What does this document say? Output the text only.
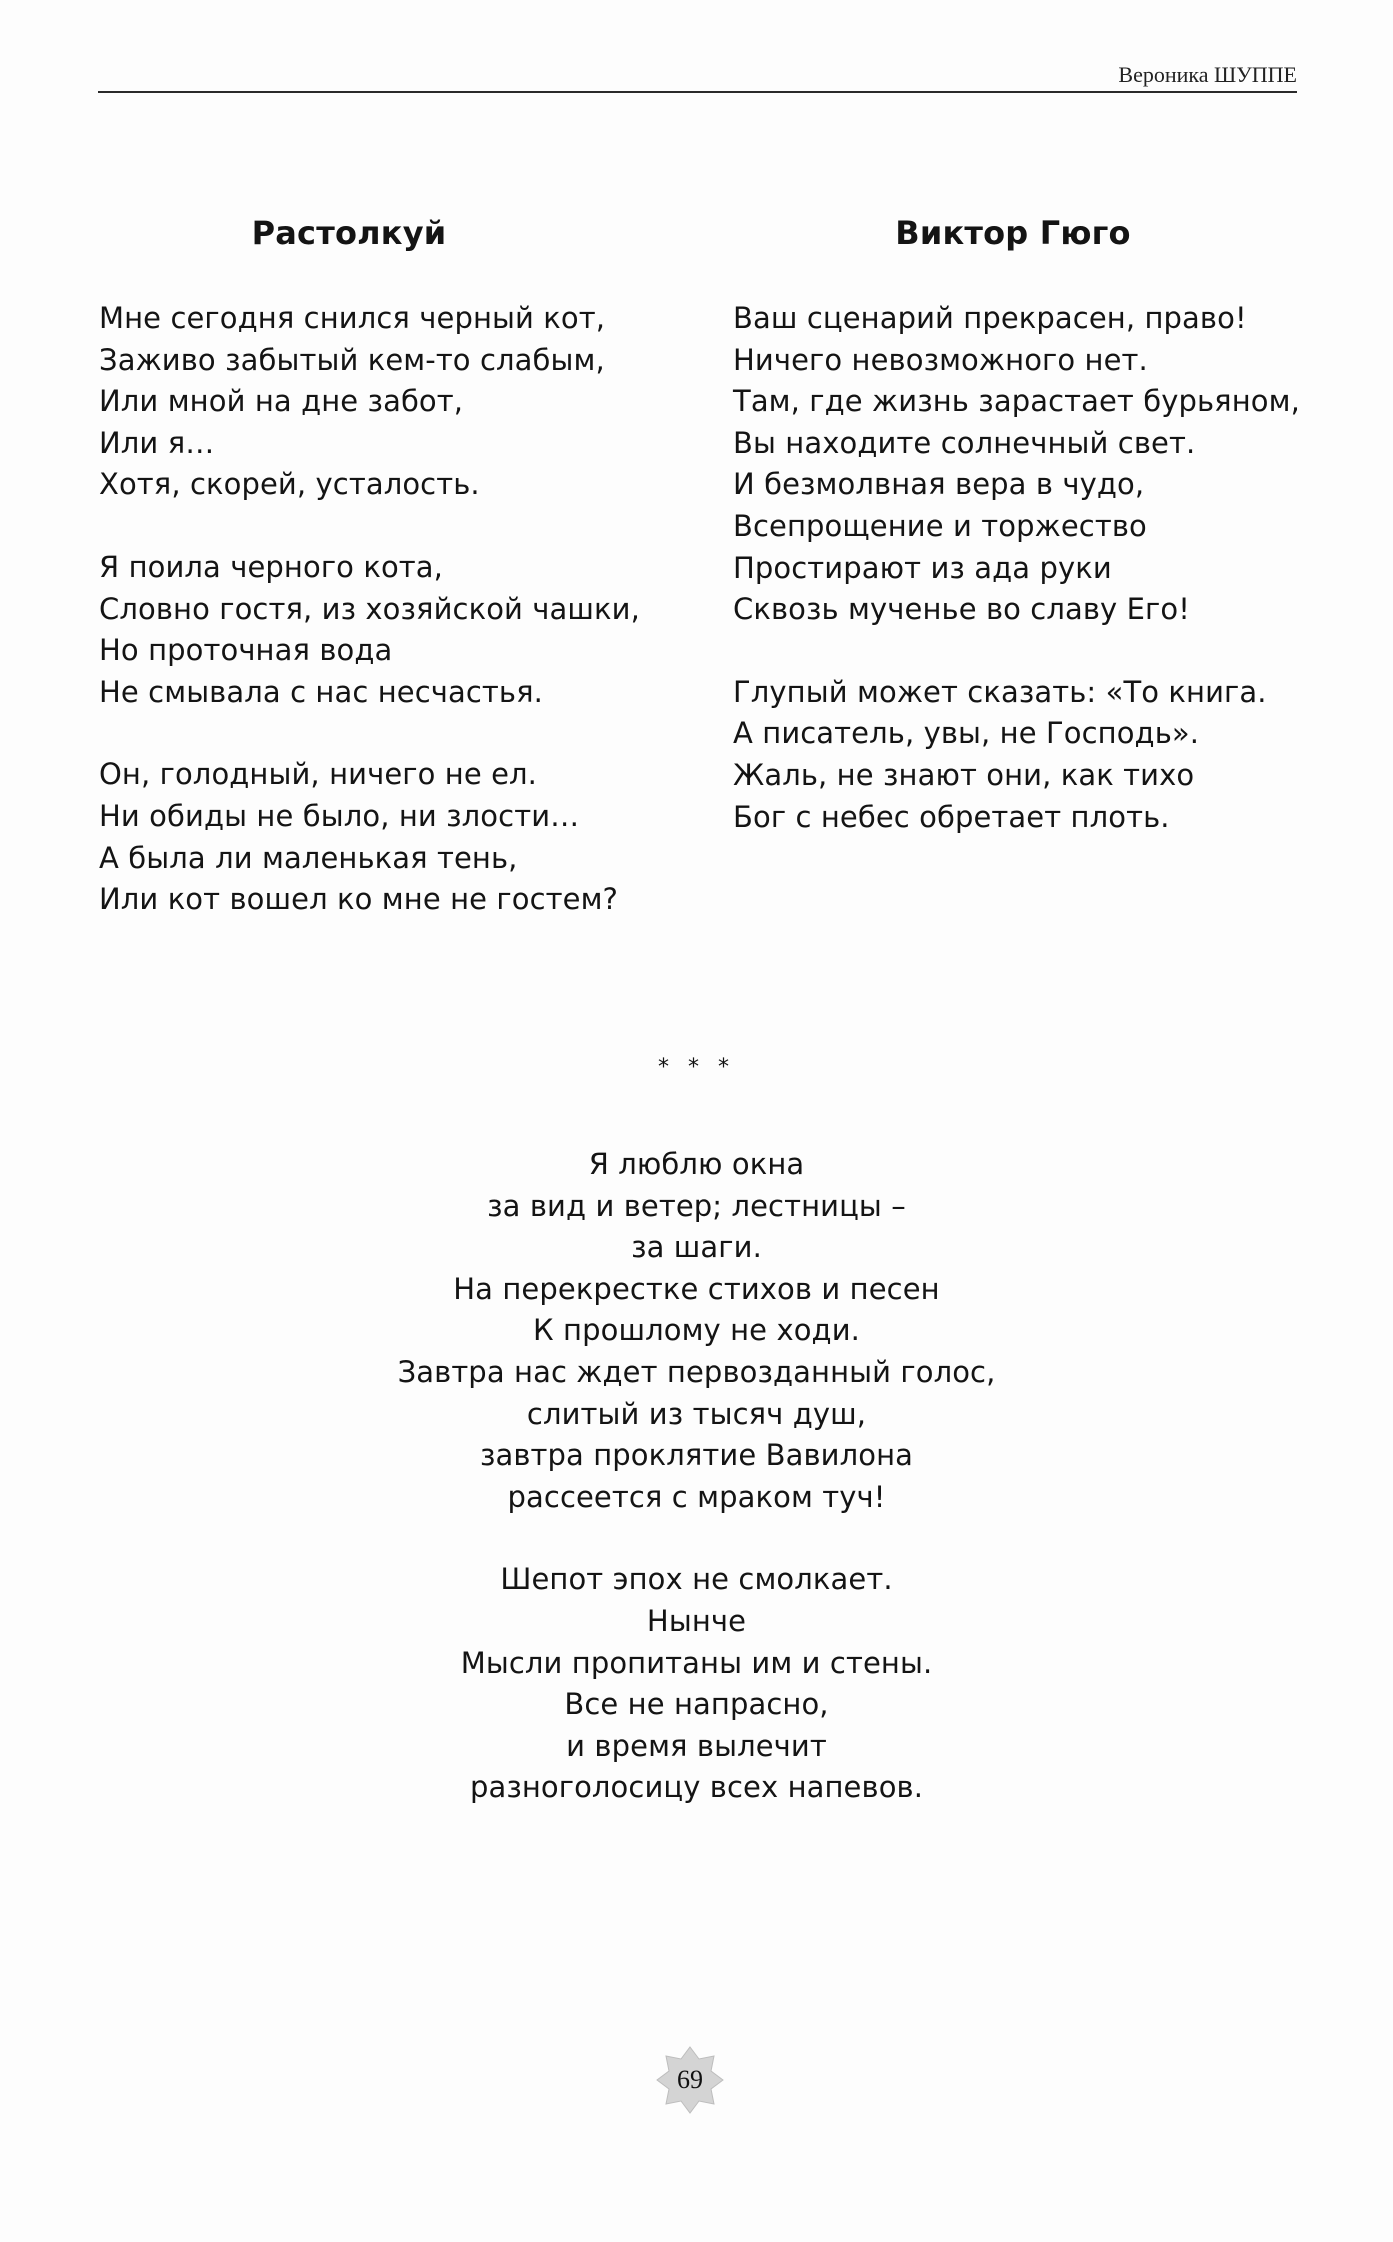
Вероника ШУППЕ
Растолкуй
Мне сегодня снился черный кот,
Заживо забытый кем-то слабым,
Или мной на дне забот,
Или я…
Хотя, скорей, усталость.
Я поила черного кота,
Словно гостя, из хозяйской чашки,
Но проточная вода
Не смывала с нас несчастья.
Он, голодный, ничего не ел.
Ни обиды не было, ни злости…
А была ли маленькая тень,
Или кот вошел ко мне не гостем?
Виктор Гюго
Ваш сценарий прекрасен, право!
Ничего невозможного нет.
Там, где жизнь зарастает бурьяном,
Вы находите солнечный свет.
И безмолвная вера в чудо,
Всепрощение и торжество
Простирают из ада руки
Сквозь мученье во славу Его!
Глупый может сказать: «То книга.
А писатель, увы, не Господь».
Жаль, не знают они, как тихо
Бог с небес обретает плоть.
* * *
Я люблю окна
за вид и ветер; лестницы –
за шаги.
На перекрестке стихов и песен
К прошлому не ходи.
Завтра нас ждет первозданный голос,
слитый из тысяч душ,
завтра проклятие Вавилона
рассеется с мраком туч!
Шепот эпох не смолкает.
Нынче
Мысли пропитаны им и стены.
Все не напрасно,
и время вылечит
разноголосицу всех напевов.
69
